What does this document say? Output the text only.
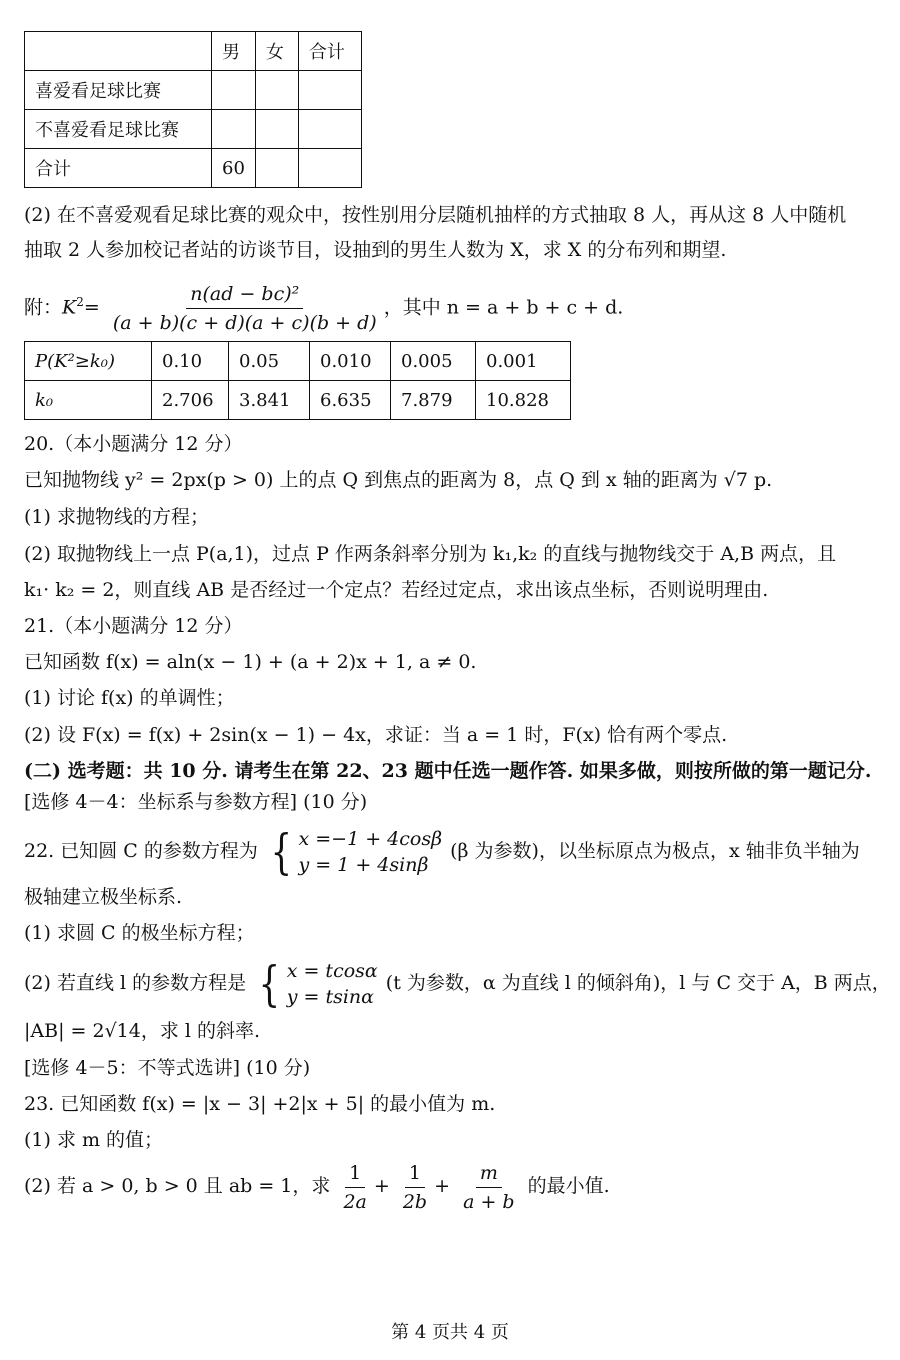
	男	女	合计
喜爱看足球比赛			
不喜爱看足球比赛			
合计	60		
(2) 在不喜爱观看足球比赛的观众中，按性别用分层随机抽样的方式抽取 8 人，再从这 8 人中随机
抽取 2 人参加校记者站的访谈节目，设抽到的男生人数为 X，求 X 的分布列和期望.
附：$K^2= \frac{\text{n(ad − bc)²}}{(a + b)(c + d)(a + c)(b + d)}$ ，其中 n = a + b + c + d.
P(K²≥k₀)	0.10	0.05	0.010	0.005	0.001
k₀	2.706	3.841	6.635	7.879	10.828
20.（本小题满分 12 分）
已知抛物线 y² = 2px(p > 0) 上的点 Q 到焦点的距离为 8，点 Q 到 x 轴的距离为 √7 p.
(1) 求抛物线的方程；
(2) 取抛物线上一点 P(a,1)，过点 P 作两条斜率分别为 k₁,k₂ 的直线与抛物线交于 A,B 两点，且
k₁· k₂ = 2，则直线 AB 是否经过一个定点？若经过定点，求出该点坐标，否则说明理由.
21.（本小题满分 12 分）
已知函数 f(x) = aln(x − 1) + (a + 2)x + 1, a ≠ 0.
(1) 讨论 f(x) 的单调性；
(2) 设 F(x) = f(x) + 2sin(x − 1) − 4x，求证：当 a = 1 时，F(x) 恰有两个零点.
(二) 选考题：共 10 分. 请考生在第 22、23 题中任选一题作答. 如果多做，则按所做的第一题记分.
[选修 4－4：坐标系与参数方程] (10 分)
22. 已知圆 C 的参数方程为 { x =−1 + 4cosβ
y = 1 + 4sinβ
(β 为参数)，以坐标原点为极点，x 轴非负半轴为
极轴建立极坐标系.
(1) 求圆 C 的极坐标方程；
(2) 若直线 l 的参数方程是 { x = tcosα
y = tsinα
(t 为参数，α 为直线 l 的倾斜角)，l 与 C 交于 A，B 两点，
|AB| = 2√14，求 l 的斜率.
[选修 4－5：不等式选讲] (10 分)
23. 已知函数 f(x) = |x − 3| +2|x + 5| 的最小值为 m.
(1) 求 m 的值；
(2) 若 a > 0, b > 0 且 ab = 1，求 $\frac{1}{2a} + \frac{1}{2b} + \frac{m}{a + b}$ 的最小值.
第 4 页共 4 页
